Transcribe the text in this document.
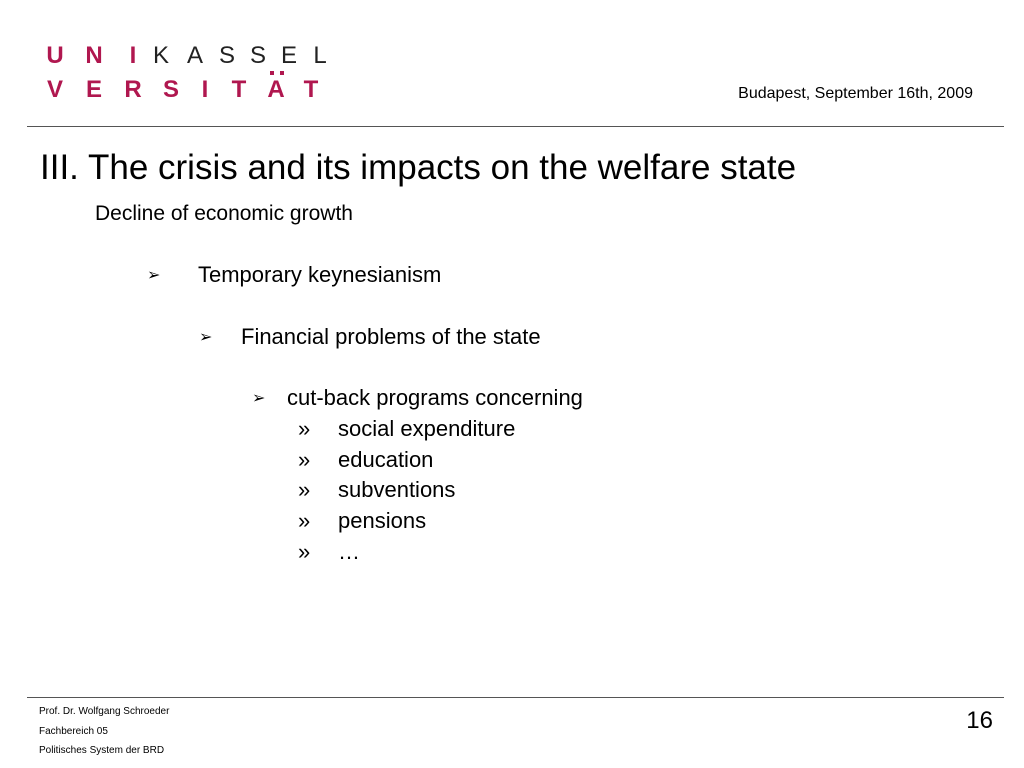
U N I K A S S E L
V E R S I T A T	Budapest, September 16th, 2009
III. The crisis and its impacts on the welfare state
Decline of economic growth
➢ Temporary keynesianism
➢ Financial problems of the state
➢ cut-back programs concerning
» social expenditure
» education
» subventions
» pensions
» …
Prof. Dr. Wolfgang Schroeder
Fachbereich 05
Politisches System der BRD
16
